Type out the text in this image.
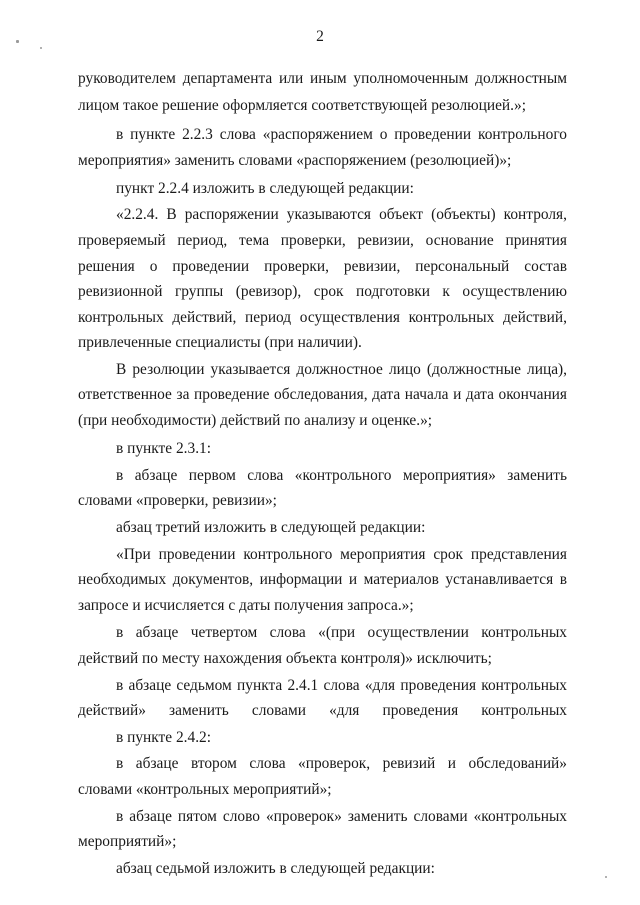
2
руководителем департамента или иным уполномоченным должностным
лицом такое решение оформляется соответствующей резолюцией.»;
в пункте 2.2.3 слова «распоряжением о проведении контрольного
мероприятия» заменить словами «распоряжением (резолюцией)»;
пункт 2.2.4 изложить в следующей редакции:
«2.2.4. В распоряжении указываются объект (объекты) контроля,
проверяемый период, тема проверки, ревизии, основание принятия
решения о проведении проверки, ревизии, персональный состав
ревизионной группы (ревизор), срок подготовки к осуществлению
контрольных действий, период осуществления контрольных действий,
привлеченные специалисты (при наличии).
В резолюции указывается должностное лицо (должностные лица),
ответственное за проведение обследования, дата начала и дата окончания
(при необходимости) действий по анализу и оценке.»;
в пункте 2.3.1:
в абзаце первом слова «контрольного мероприятия» заменить
словами «проверки, ревизии»;
абзац третий изложить в следующей редакции:
«При проведении контрольного мероприятия срок представления
необходимых документов, информации и материалов устанавливается в
запросе и исчисляется с даты получения запроса.»;
в абзаце четвертом слова «(при осуществлении контрольных
действий по месту нахождения объекта контроля)» исключить;
в абзаце седьмом пункта 2.4.1 слова «для проведения контрольных
действий» заменить словами «для проведения контрольных
в пункте 2.4.2:
в абзаце втором слова «проверок, ревизий и обследований»
словами «контрольных мероприятий»;
в абзаце пятом слово «проверок» заменить словами «контрольных
мероприятий»;
абзац седьмой изложить в следующей редакции:
